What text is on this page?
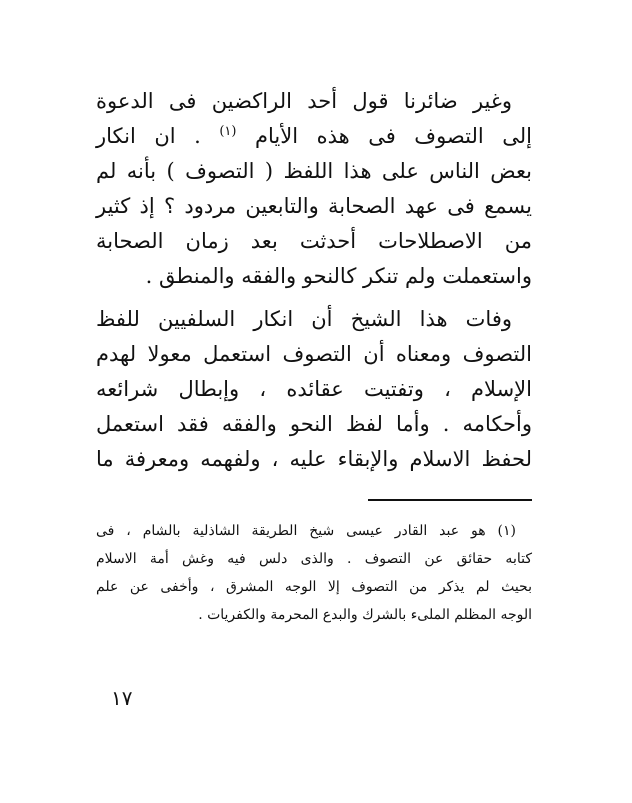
وغير ضائرنا قول أحد الراكضين فى الدعوة
إلى التصوف فى هذه الأيام $^{(١)}$ . ان انكار
بعض الناس على هذا اللفظ ( التصوف ) بأنه لم
يسمع فى عهد الصحابة والتابعين مردود ؟ إذ كثير
من الاصطلاحات أحدثت بعد زمان الصحابة
واستعملت ولم تنكر كالنحو والفقه والمنطق .
وفات هذا الشيخ أن انكار السلفيين للفظ
التصوف ومعناه أن التصوف استعمل معولا لهدم
الإسلام ، وتفتيت عقائده ، وإبطال شرائعه
وأحكامه . وأما لفظ النحو والفقه فقد استعمل
لحفظ الاسلام والإبقاء عليه ، ولفهمه ومعرفة ما
(١) هو عبد القادر عيسى شيخ الطريقة الشاذلية بالشام ، فى
كتابه حقائق عن التصوف . والذى دلس فيه وغش أمة الاسلام
بحيث لم يذكر من التصوف إلا الوجه المشرق ، وأخفى عن علم
الوجه المظلم الملىء بالشرك والبدع المحرمة والكفريات .
١٧
